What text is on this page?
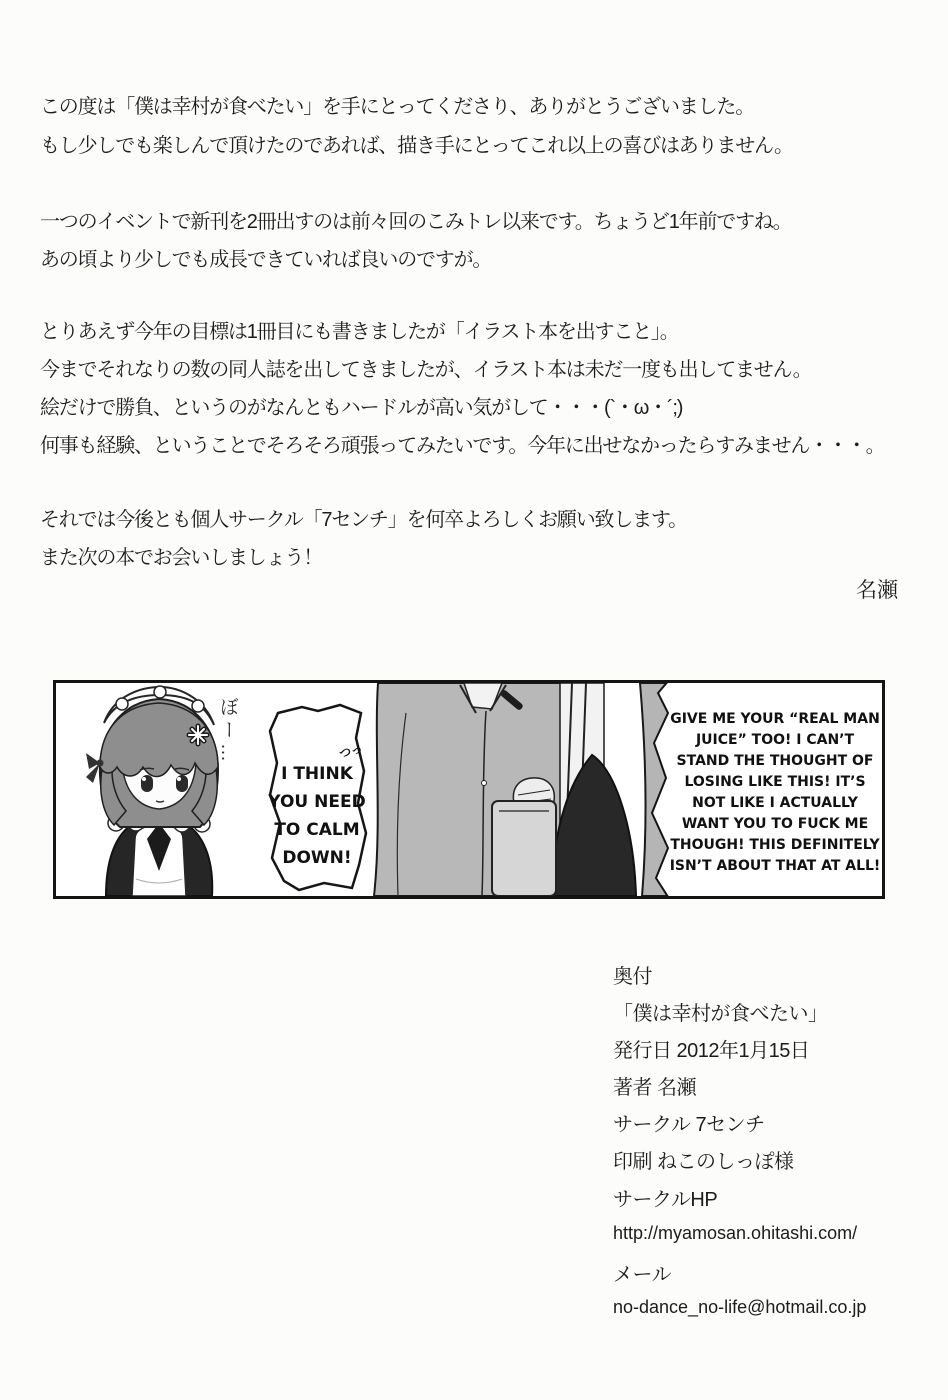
この度は「僕は幸村が食べたい」を手にとってくださり、ありがとうございました。
もし少しでも楽しんで頂けたのであれば、描き手にとってこれ以上の喜びはありません。
一つのイベントで新刊を2冊出すのは前々回のこみトレ以来です。ちょうど1年前ですね。
あの頃より少しでも成長できていれば良いのですが。
とりあえず今年の目標は1冊目にも書きましたが「イラスト本を出すこと」。
今までそれなりの数の同人誌を出してきましたが、イラスト本は未だ一度も出してません。
絵だけで勝負、というのがなんともハードルが高い気がして・・・(`・ω・´;)
何事も経験、ということでそろそろ頑張ってみたいです。今年に出せなかったらすみません・・・。
それでは今後とも個人サークル「7センチ」を何卒よろしくお願い致します。
また次の本でお会いしましょう！
名瀬
つっ
I THINK
YOU NEED
TO CALM
DOWN!
GIVE ME YOUR “REAL MAN
JUICE” TOO! I CAN’T
STAND THE THOUGHT OF
LOSING LIKE THIS! IT’S
NOT LIKE I ACTUALLY
WANT YOU TO FUCK ME
THOUGH! THIS DEFINITELY
ISN’T ABOUT THAT AT ALL!
ぼー…
奥付
「僕は幸村が食べたい」
発行日 2012年1月15日
著者 名瀬
サークル 7センチ
印刷 ねこのしっぽ様
サークルHP
http://myamosan.ohitashi.com/
メール
no-dance_no-life@hotmail.co.jp
